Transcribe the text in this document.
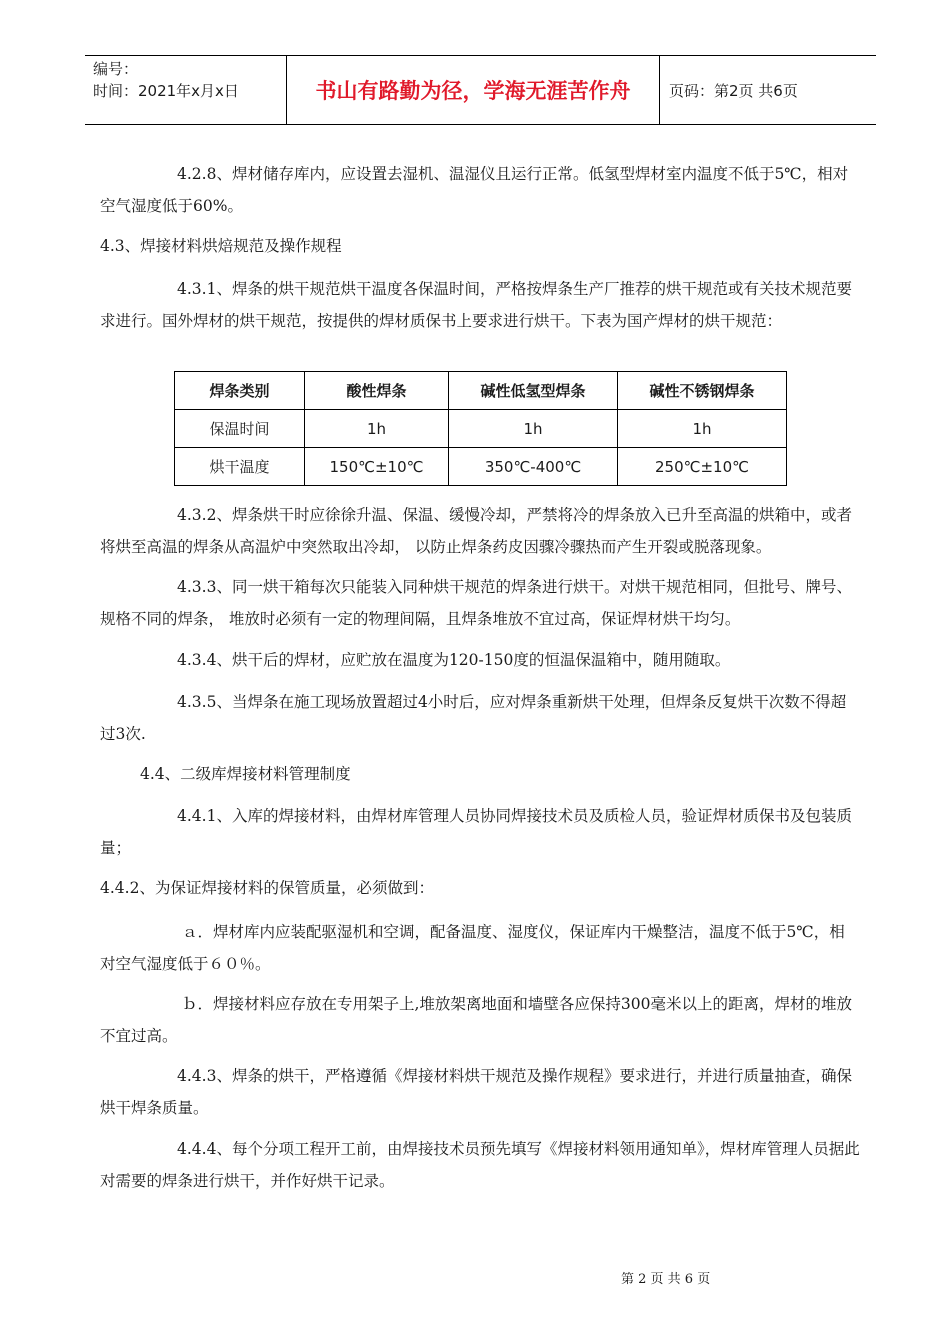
编号：
时间：2021年x月x日	书山有路勤为径，学海无涯苦作舟	页码：第2页 共6页

4.2.8、焊材储存库内，应设置去湿机、温湿仪且运行正常。低氢型焊材室内温度不低于5℃，相对空气湿度低于60%。

4.3、焊接材料烘焙规范及操作规程

4.3.1、焊条的烘干规范烘干温度各保温时间，严格按焊条生产厂推荐的烘干规范或有关技术规范要求进行。国外焊材的烘干规范，按提供的焊材质保书上要求进行烘干。下表为国产焊材的烘干规范：

焊条类别	酸性焊条	碱性低氢型焊条	碱性不锈钢焊条
保温时间	1h	1h	1h
烘干温度	150℃±10℃	350℃-400℃	250℃±10℃

4.3.2、焊条烘干时应徐徐升温、保温、缓慢冷却，严禁将冷的焊条放入已升至高温的烘箱中，或者将烘至高温的焊条从高温炉中突然取出冷却， 以防止焊条药皮因骤冷骤热而产生开裂或脱落现象。

4.3.3、同一烘干箱每次只能装入同种烘干规范的焊条进行烘干。对烘干规范相同，但批号、牌号、规格不同的焊条， 堆放时必须有一定的物理间隔，且焊条堆放不宜过高，保证焊材烘干均匀。

4.3.4、烘干后的焊材，应贮放在温度为120-150度的恒温保温箱中，随用随取。

4.3.5、当焊条在施工现场放置超过4小时后，应对焊条重新烘干处理，但焊条反复烘干次数不得超过3次.

4.4、二级库焊接材料管理制度

4.4.1、入库的焊接材料，由焊材库管理人员协同焊接技术员及质检人员，验证焊材质保书及包装质量；

4.4.2、为保证焊接材料的保管质量，必须做到：

ａ．焊材库内应装配驱湿机和空调，配备温度、湿度仪，保证库内干燥整洁，温度不低于5℃，相对空气湿度低于６０％。

ｂ．焊接材料应存放在专用架子上,堆放架离地面和墙壁各应保持300毫米以上的距离，焊材的堆放不宜过高。

4.4.3、焊条的烘干，严格遵循《焊接材料烘干规范及操作规程》要求进行，并进行质量抽查，确保烘干焊条质量。

4.4.4、每个分项工程开工前，由焊接技术员预先填写《焊接材料领用通知单》，焊材库管理人员据此对需要的焊条进行烘干，并作好烘干记录。

第 2 页 共 6 页
